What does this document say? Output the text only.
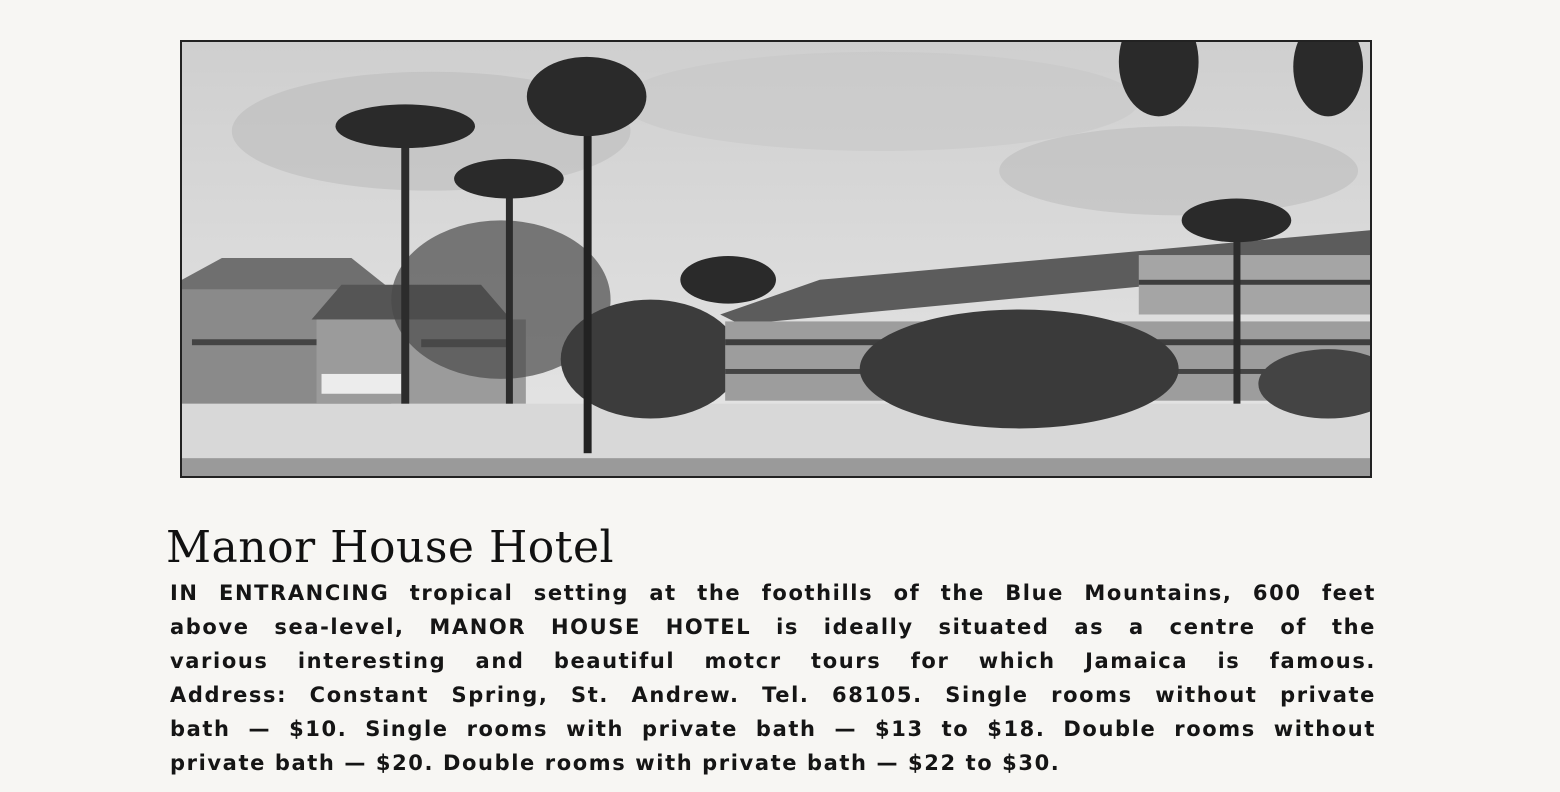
Manor House Hotel
IN ENTRANCING tropical setting at the foothills of the Blue Mountains, 600 feet
above sea-level, MANOR HOUSE HOTEL is ideally situated as a centre of the
various interesting and beautiful motcr tours for which Jamaica is famous.
Address: Constant Spring, St. Andrew. Tel. 68105. Single rooms without private
bath — $10. Single rooms with private bath — $13 to $18. Double rooms without
private bath — $20. Double rooms with private bath — $22 to $30.
